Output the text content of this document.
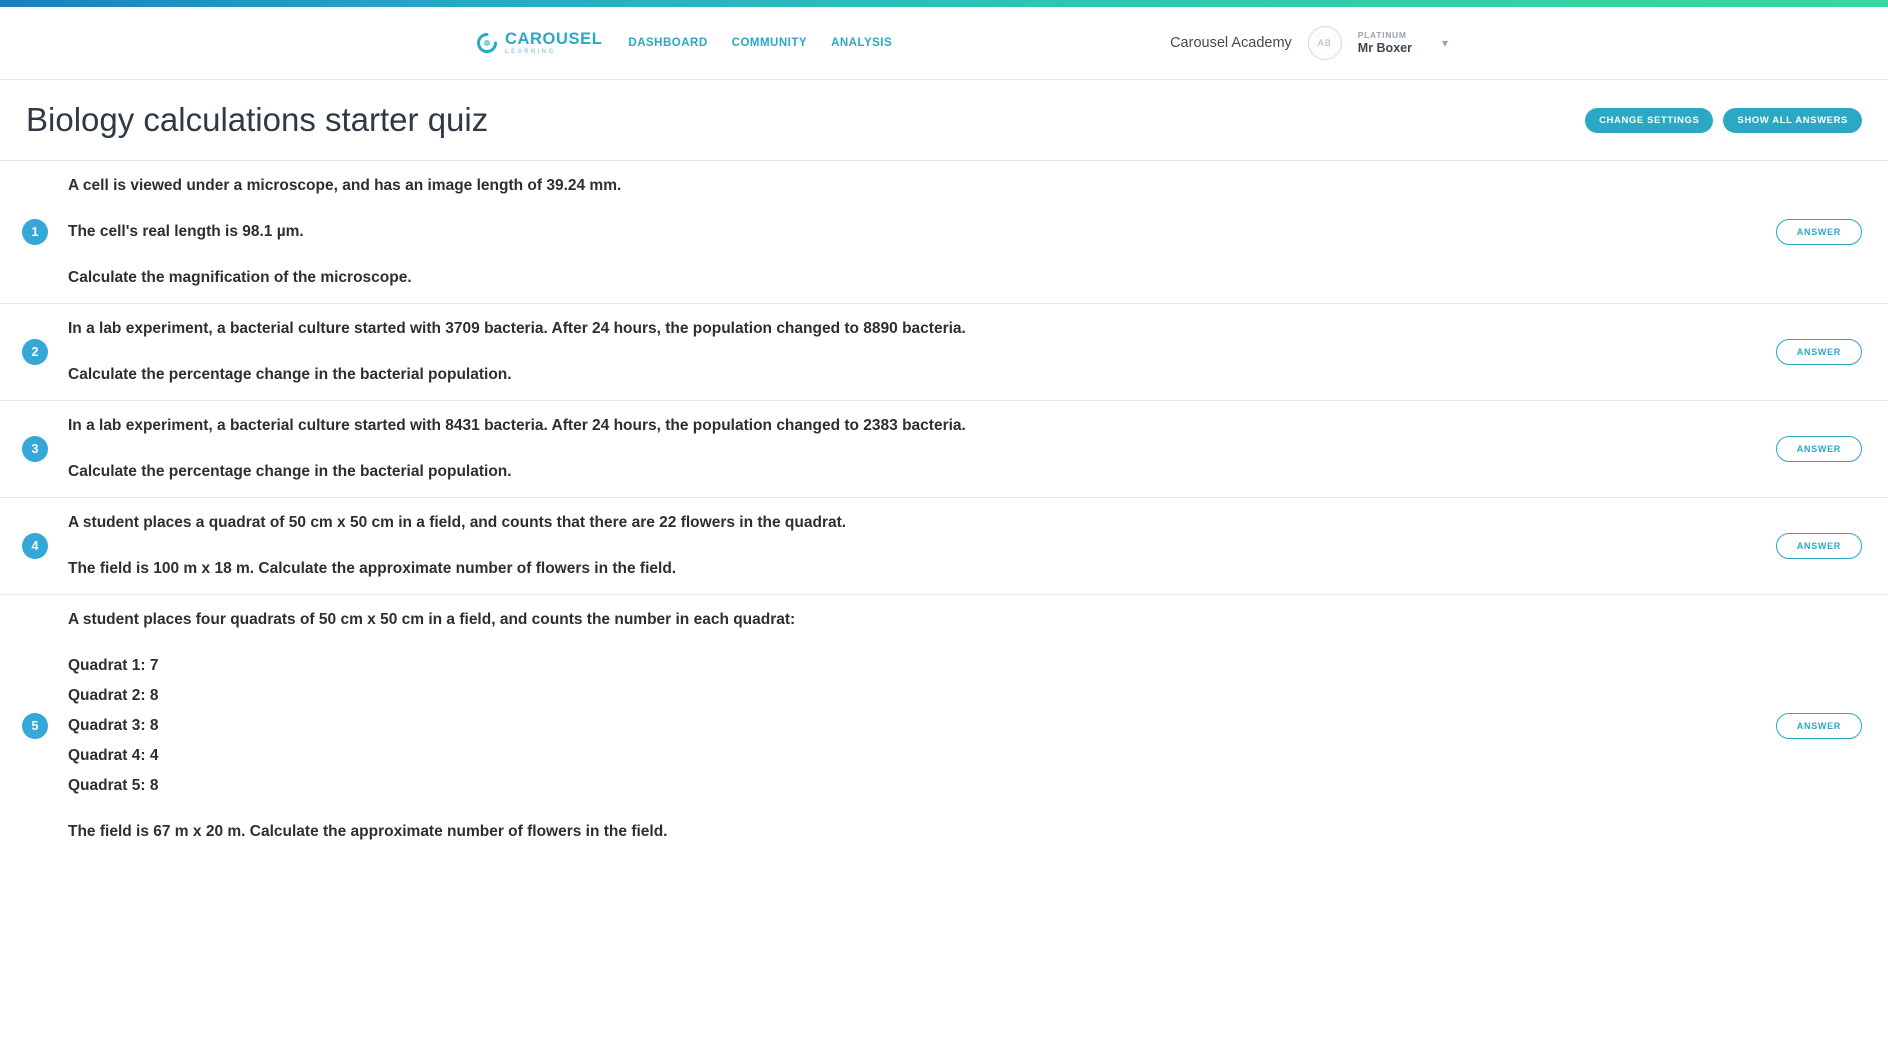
CAROUSEL
LEARNING
DASHBOARD COMMUNITY ANALYSIS	Carousel Academy	AB
PLATINUM
Mr Boxer	▾
Biology calculations starter quiz	CHANGE SETTINGS	SHOW ALL ANSWERS
1
A cell is viewed under a microscope, and has an image length of 39.24 mm.
The cell's real length is 98.1 µm.
Calculate the magnification of the microscope.
ANSWER
2
In a lab experiment, a bacterial culture started with 3709 bacteria. After 24 hours, the population changed to 8890 bacteria.
Calculate the percentage change in the bacterial population.
ANSWER
3
In a lab experiment, a bacterial culture started with 8431 bacteria. After 24 hours, the population changed to 2383 bacteria.
Calculate the percentage change in the bacterial population.
ANSWER
4
A student places a quadrat of 50 cm x 50 cm in a field, and counts that there are 22 flowers in the quadrat.
The field is 100 m x 18 m. Calculate the approximate number of flowers in the field.
ANSWER
5
A student places four quadrats of 50 cm x 50 cm in a field, and counts the number in each quadrat:
Quadrat 1: 7
Quadrat 2: 8
Quadrat 3: 8
Quadrat 4: 4
Quadrat 5: 8
The field is 67 m x 20 m. Calculate the approximate number of flowers in the field.
ANSWER
